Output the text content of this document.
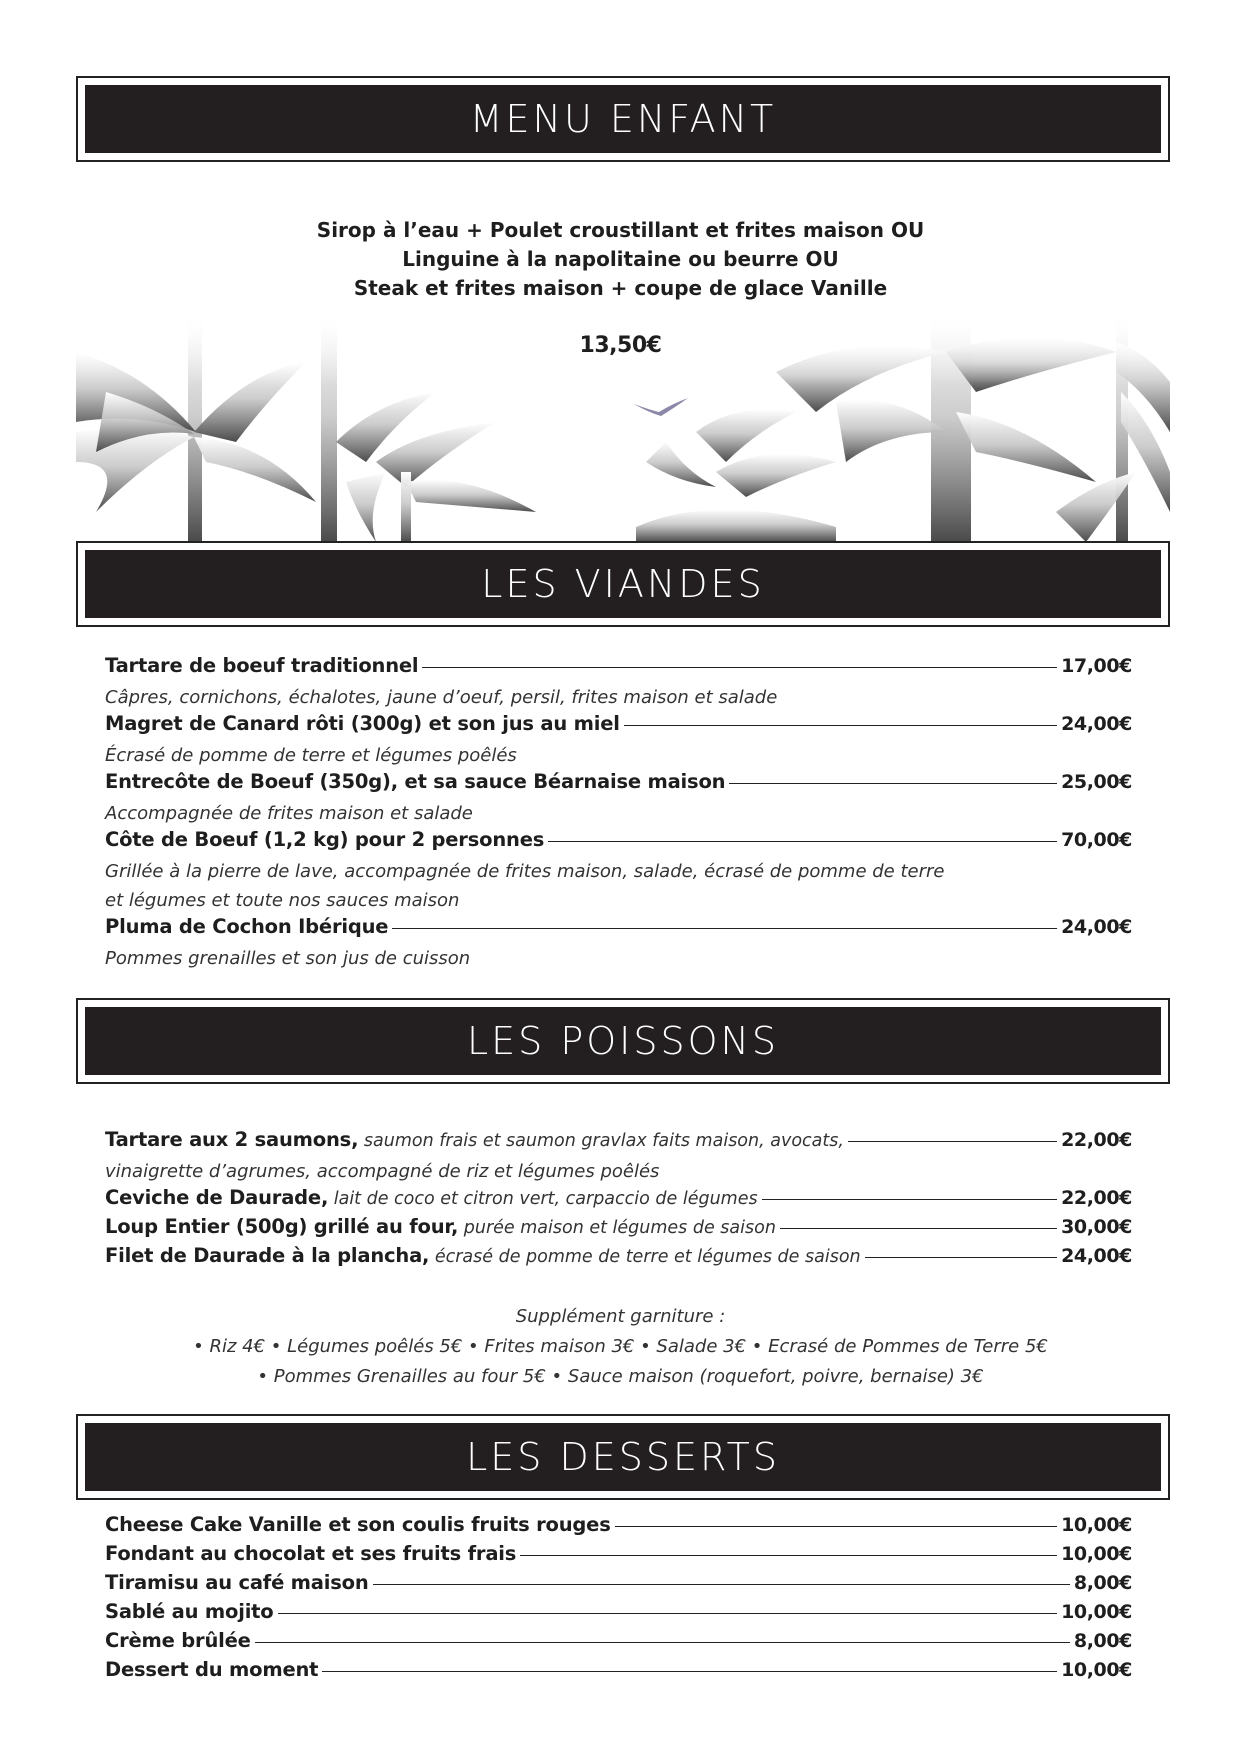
MENU ENFANT
Sirop à l’eau + Poulet croustillant et frites maison OU
Linguine à la napolitaine ou beurre OU
Steak et frites maison + coupe de glace Vanille
13,50€
LES VIANDES
Tartare de boeuf traditionnel	17,00€
Câpres, cornichons, échalotes, jaune d’oeuf, persil, frites maison et salade
Magret de Canard rôti (300g) et son jus au miel	24,00€
Écrasé de pomme de terre et légumes poêlés
Entrecôte de Boeuf (350g), et sa sauce Béarnaise maison	25,00€
Accompagnée de frites maison et salade
Côte de Boeuf (1,2 kg) pour 2 personnes	70,00€
Grillée à la pierre de lave, accompagnée de frites maison, salade, écrasé de pomme de terre
et légumes et toute nos sauces maison
Pluma de Cochon Ibérique	24,00€
Pommes grenailles et son jus de cuisson
LES POISSONS
Tartare aux 2 saumons, saumon frais et saumon gravlax faits maison, avocats,	22,00€
vinaigrette d’agrumes, accompagné de riz et légumes poêlés
Ceviche de Daurade, lait de coco et citron vert, carpaccio de légumes	22,00€
Loup Entier (500g) grillé au four, purée maison et légumes de saison	30,00€
Filet de Daurade à la plancha, écrasé de pomme de terre et légumes de saison	24,00€
Supplément garniture :
• Riz 4€ • Légumes poêlés 5€ • Frites maison 3€ • Salade 3€ • Ecrasé de Pommes de Terre 5€
• Pommes Grenailles au four 5€ • Sauce maison (roquefort, poivre, bernaise) 3€
LES DESSERTS
Cheese Cake Vanille et son coulis fruits rouges	10,00€
Fondant au chocolat et ses fruits frais	10,00€
Tiramisu au café maison	8,00€
Sablé au mojito	10,00€
Crème brûlée	8,00€
Dessert du moment	10,00€
